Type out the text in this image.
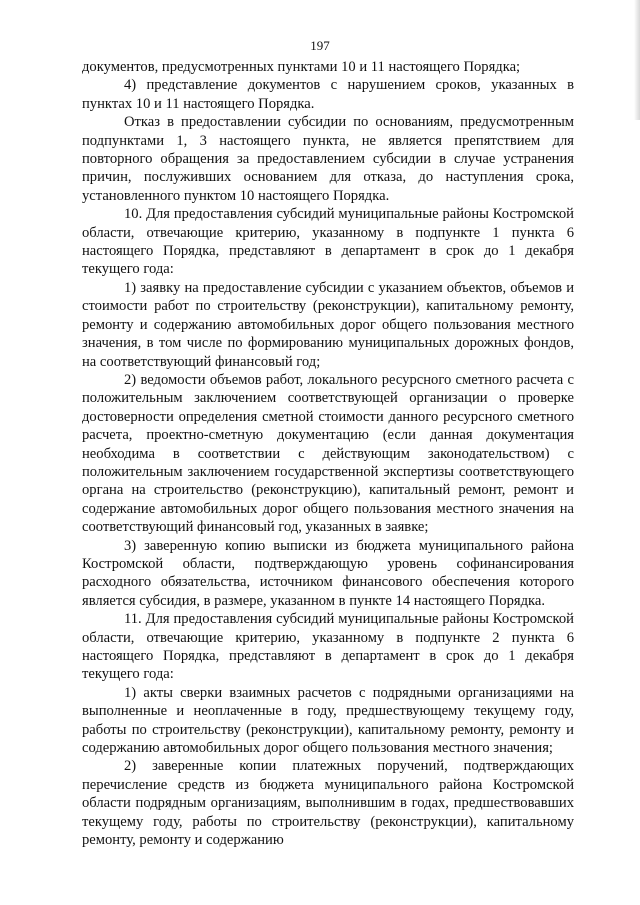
197

документов, предусмотренных пунктами 10 и 11 настоящего Порядка;

4) представление документов с нарушением сроков, указанных в пунктах 10 и 11 настоящего Порядка.

Отказ в предоставлении субсидии по основаниям, предусмотренным подпунктами 1, 3 настоящего пункта, не является препятствием для повторного обращения за предоставлением субсидии в случае устранения причин, послуживших основанием для отказа, до наступления срока, установленного пунктом 10 настоящего Порядка.

10. Для предоставления субсидий муниципальные районы Костромской области, отвечающие критерию, указанному в подпункте 1 пункта 6 настоящего Порядка, представляют в департамент в срок до 1 декабря текущего года:

1) заявку на предоставление субсидии с указанием объектов, объемов и стоимости работ по строительству (реконструкции), капитальному ремонту, ремонту и содержанию автомобильных дорог общего пользования местного значения, в том числе по формированию муниципальных дорожных фондов, на соответствующий финансовый год;

2) ведомости объемов работ, локального ресурсного сметного расчета с положительным заключением соответствующей организации о проверке достоверности определения сметной стоимости данного ресурсного сметного расчета, проектно-сметную документацию (если данная документация необходима в соответствии с действующим законодательством) с положительным заключением государственной экспертизы соответствующего органа на строительство (реконструкцию), капитальный ремонт, ремонт и содержание автомобильных дорог общего пользования местного значения на соответствующий финансовый год, указанных в заявке;

3) заверенную копию выписки из бюджета муниципального района Костромской области, подтверждающую уровень софинансирования расходного обязательства, источником финансового обеспечения которого является субсидия, в размере, указанном в пункте 14 настоящего Порядка.

11. Для предоставления субсидий муниципальные районы Костромской области, отвечающие критерию, указанному в подпункте 2 пункта 6 настоящего Порядка, представляют в департамент в срок до 1 декабря текущего года:

1) акты сверки взаимных расчетов с подрядными организациями на выполненные и неоплаченные в году, предшествующему текущему году, работы по строительству (реконструкции), капитальному ремонту, ремонту и содержанию автомобильных дорог общего пользования местного значения;

2) заверенные копии платежных поручений, подтверждающих перечисление средств из бюджета муниципального района Костромской области подрядным организациям, выполнившим в годах, предшествовавших текущему году, работы по строительству (реконструкции), капитальному ремонту, ремонту и содержанию
